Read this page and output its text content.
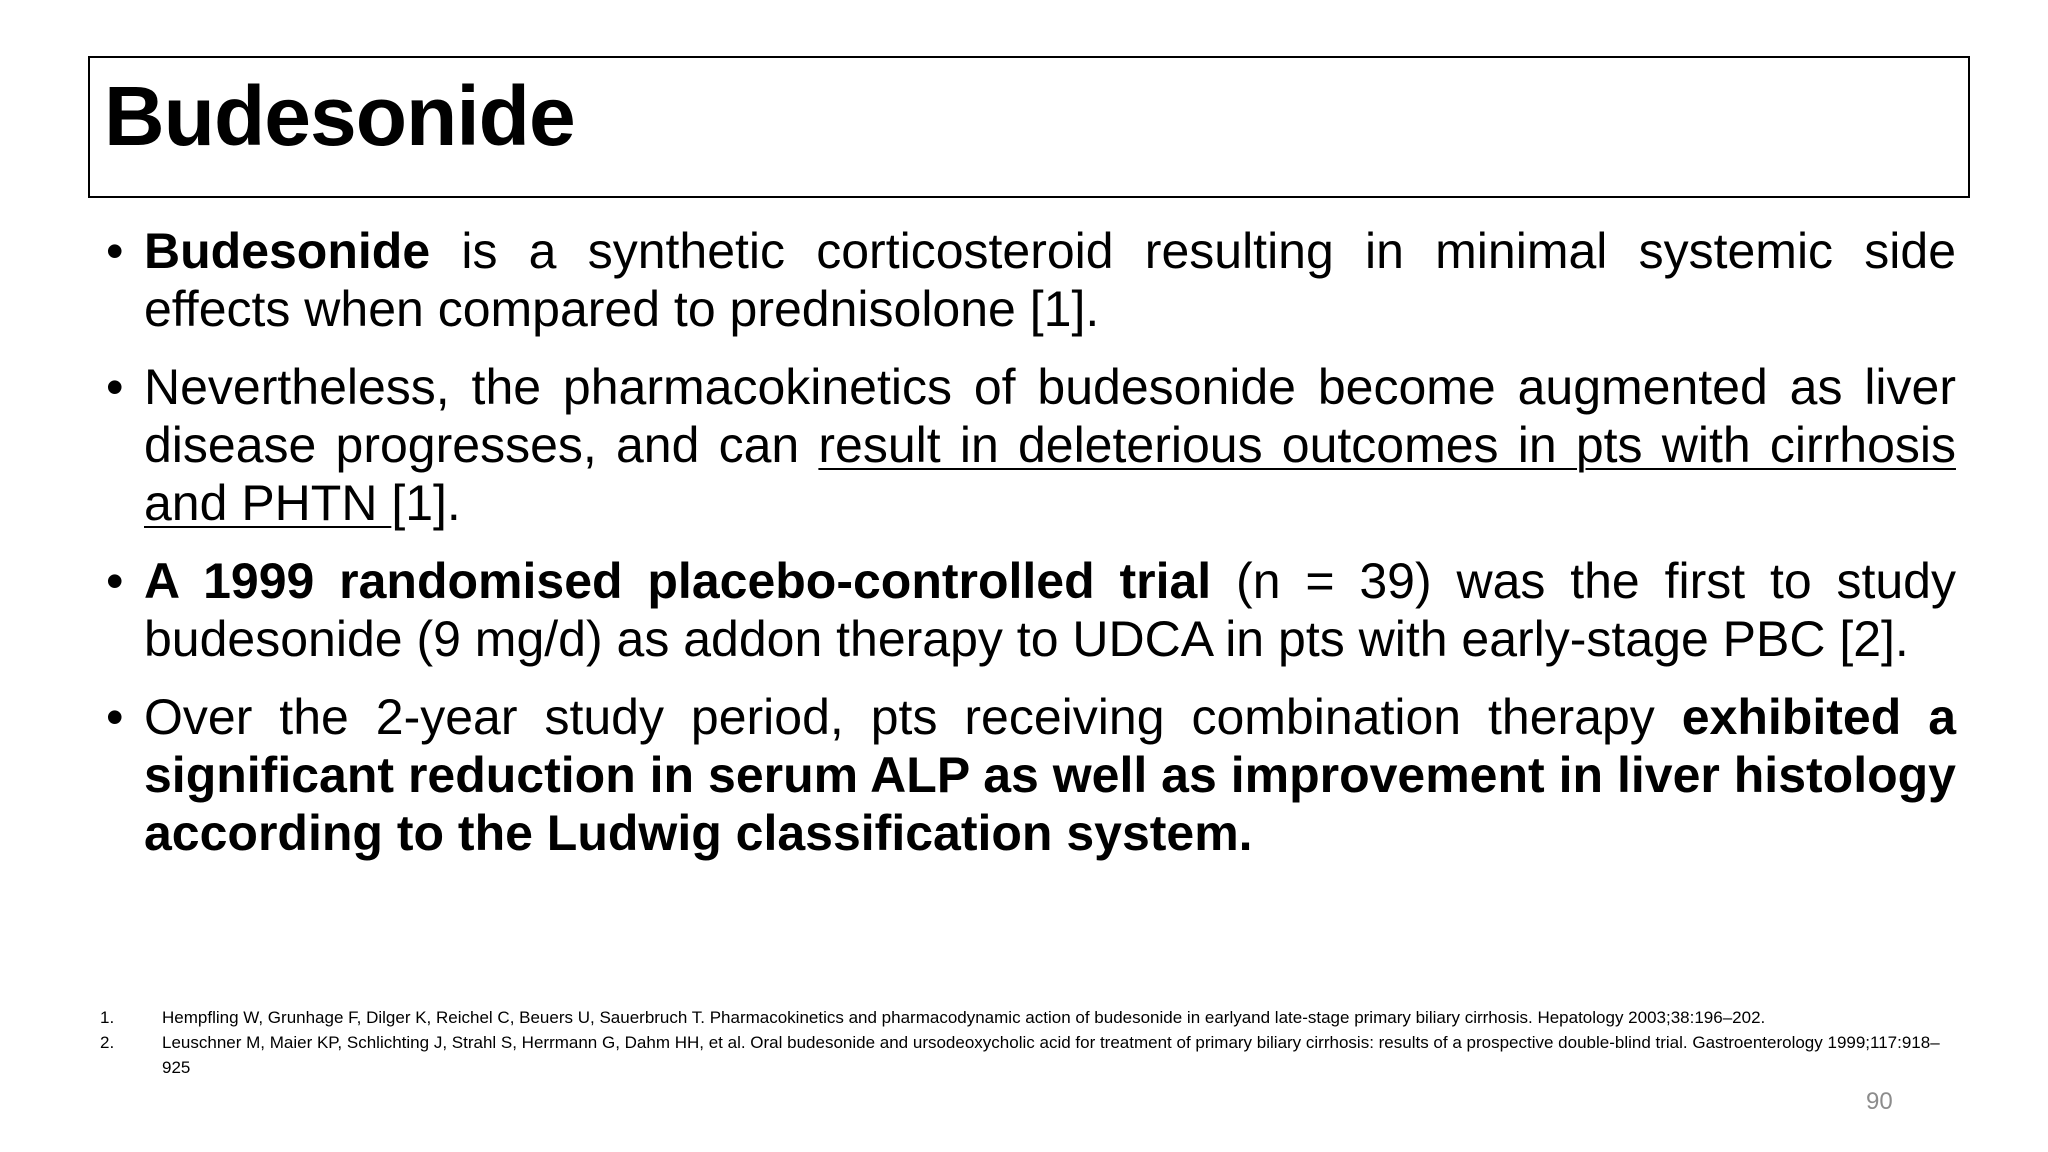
Budesonide
• Budesonide is a synthetic corticosteroid resulting in minimal systemic side effects when compared to prednisolone [1].
• Nevertheless, the pharmacokinetics of budesonide become augmented as liver disease progresses, and can result in deleterious outcomes in pts with cirrhosis and PHTN [1].
• A 1999 randomised placebo-controlled trial (n = 39) was the first to study budesonide (9 mg/d) as addon therapy to UDCA in pts with early-stage PBC [2].
• Over the 2-year study period, pts receiving combination therapy exhibited a significant reduction in serum ALP as well as improvement in liver histology according to the Ludwig classification system.
1.	Hempfling W, Grunhage F, Dilger K, Reichel C, Beuers U, Sauerbruch T. Pharmacokinetics and pharmacodynamic action of budesonide in earlyand late-stage primary biliary cirrhosis. Hepatology 2003;38:196–202.
2.	Leuschner M, Maier KP, Schlichting J, Strahl S, Herrmann G, Dahm HH, et al. Oral budesonide and ursodeoxycholic acid for treatment of primary biliary cirrhosis: results of a prospective double-blind trial. Gastroenterology 1999;117:918–925
90
